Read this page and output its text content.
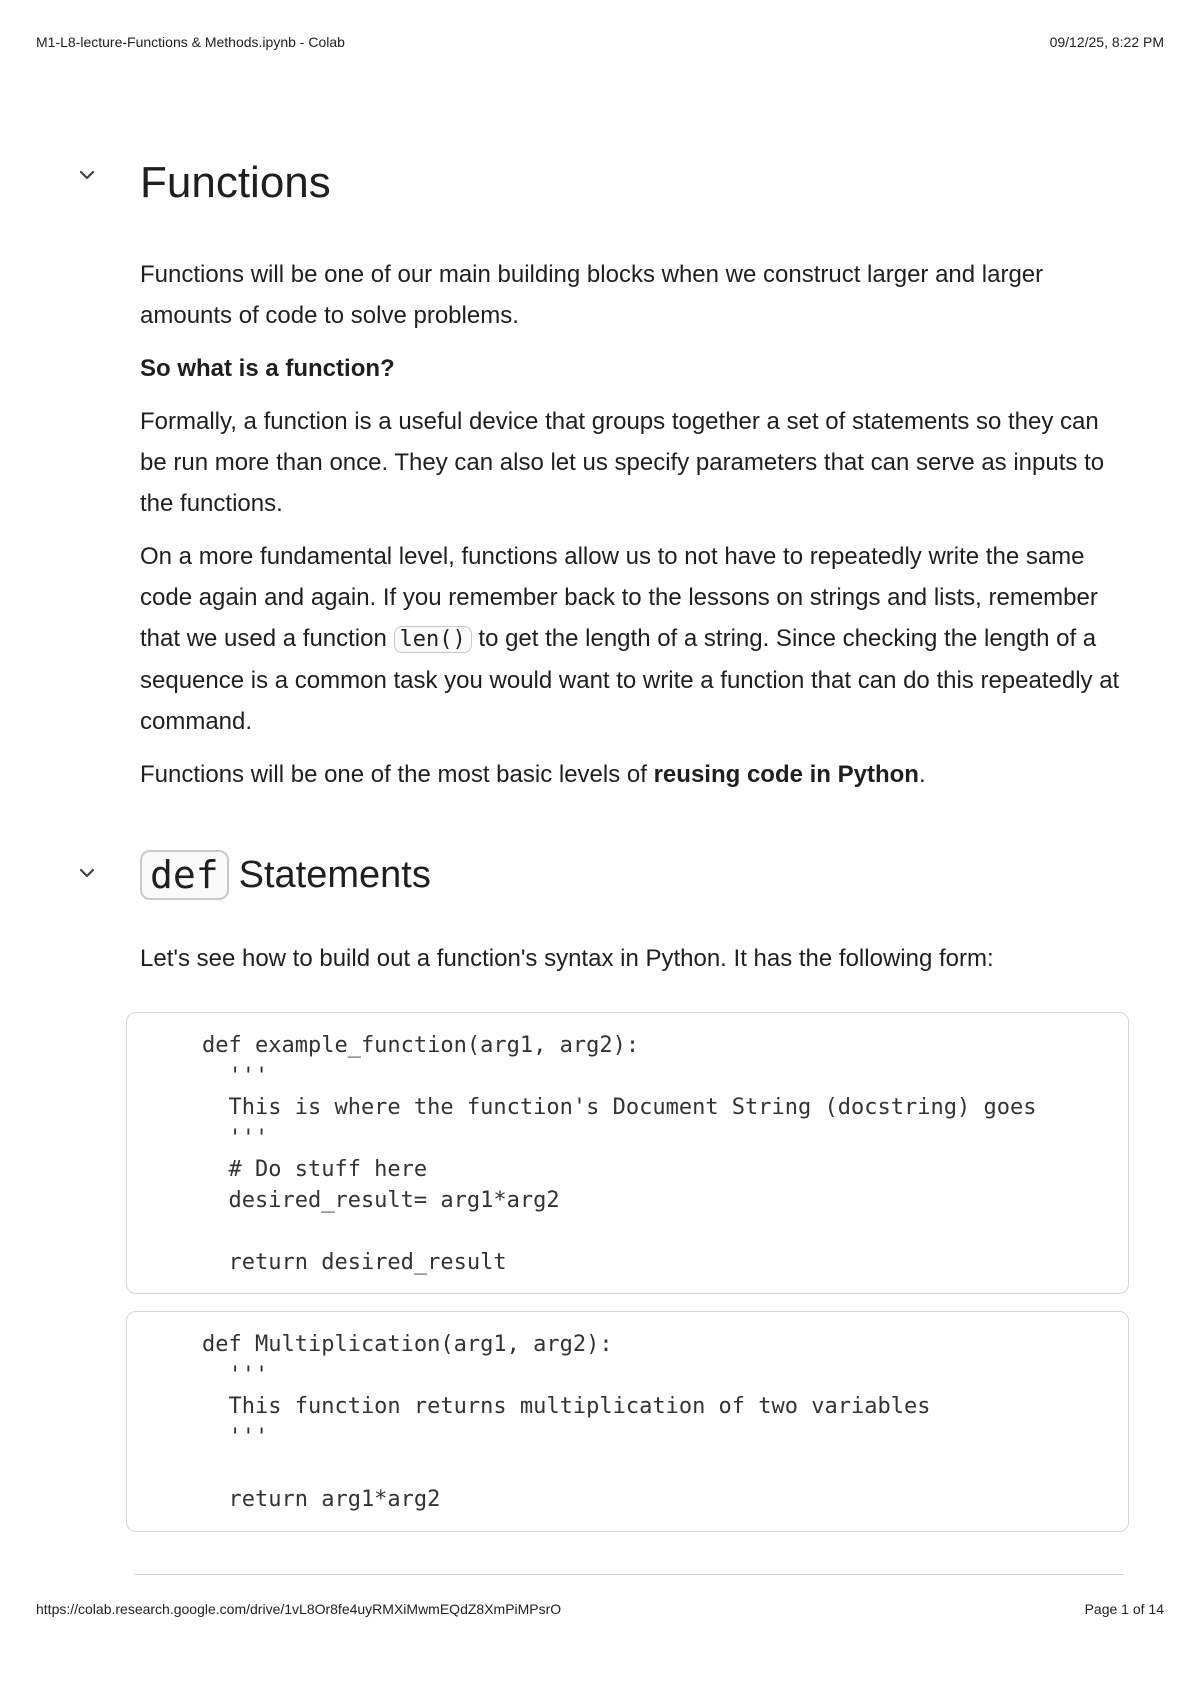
M1-L8-lecture-Functions & Methods.ipynb - Colab	09/12/25, 8:22 PM
Functions

Functions will be one of our main building blocks when we construct larger and larger amounts of code to solve problems.

So what is a function?

Formally, a function is a useful device that groups together a set of statements so they can be run more than once. They can also let us specify parameters that can serve as inputs to the functions.

On a more fundamental level, functions allow us to not have to repeatedly write the same code again and again. If you remember back to the lessons on strings and lists, remember that we used a function len() to get the length of a string. Since checking the length of a sequence is a common task you would want to write a function that can do this repeatedly at command.

Functions will be one of the most basic levels of reusing code in Python.

def Statements

Let's see how to build out a function's syntax in Python. It has the following form:

def example_function(arg1, arg2):
'''
This is where the function's Document String (docstring) goes
'''
# Do stuff here
desired_result= arg1*arg2

return desired_result
def Multiplication(arg1, arg2):
'''
This function returns multiplication of two variables
'''

return arg1*arg2
https://colab.research.google.com/drive/1vL8Or8fe4uyRMXiMwmEQdZ8XmPiMPsrO	Page 1 of 14
